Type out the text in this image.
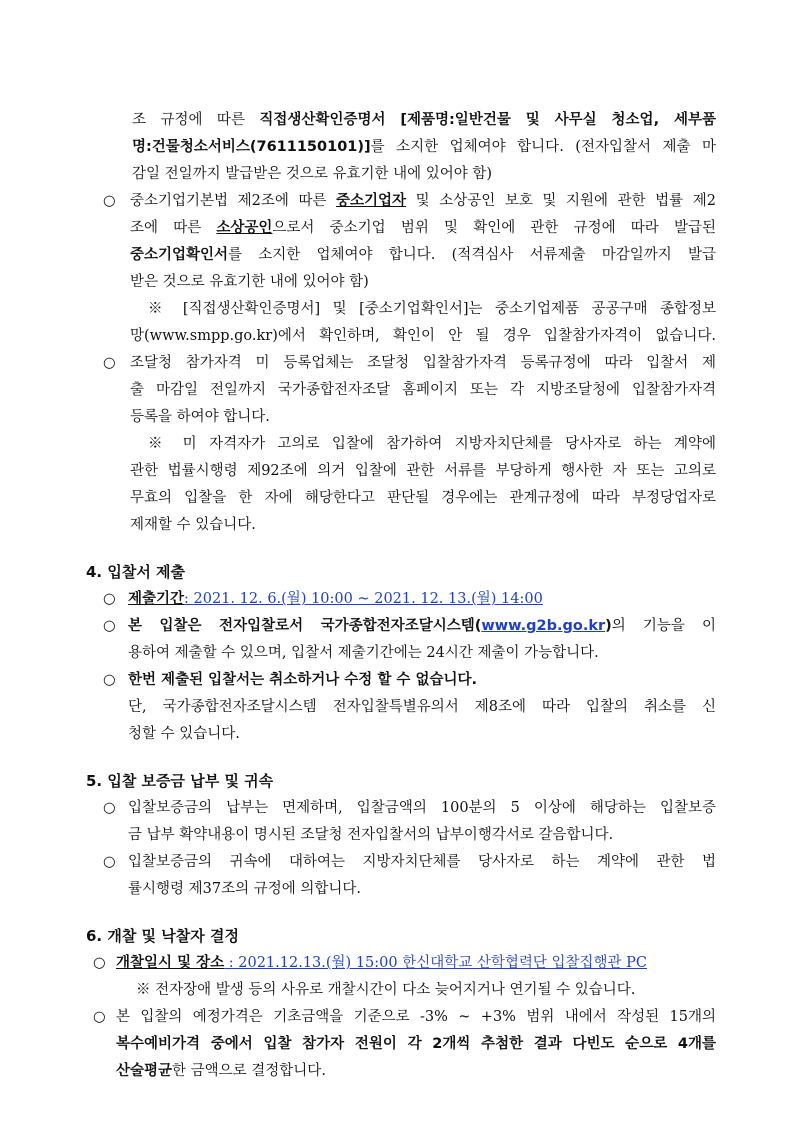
조 규정에 따른 직접생산확인증명서 [제품명:일반건물 및 사무실 청소업, 세부품
명:건물청소서비스(7611150101)]를 소지한 업체여야 합니다. (전자입찰서 제출 마
감일 전일까지 발급받은 것으로 유효기한 내에 있어야 함)
○ 중소기업기본법 제2조에 따른 중소기업자 및 소상공인 보호 및 지원에 관한 법률 제2
조에 따른 소상공인으로서 중소기업 범위 및 확인에 관한 규정에 따라 발급된
중소기업확인서를 소지한 업체여야 합니다. (적격심사 서류제출 마감일까지 발급
받은 것으로 유효기한 내에 있어야 함)
※ [직접생산확인증명서] 및 [중소기업확인서]는 중소기업제품 공공구매 종합정보
망(www.smpp.go.kr)에서 확인하며, 확인이 안 될 경우 입찰참가자격이 없습니다.
○ 조달청 참가자격 미 등록업체는 조달청 입찰참가자격 등록규정에 따라 입찰서 제
출 마감일 전일까지 국가종합전자조달 홈페이지 또는 각 지방조달청에 입찰참가자격
등록을 하여야 합니다.
※ 미 자격자가 고의로 입찰에 참가하여 지방자치단체를 당사자로 하는 계약에
관한 법률시행령 제92조에 의거 입찰에 관한 서류를 부당하게 행사한 자 또는 고의로
무효의 입찰을 한 자에 해당한다고 판단될 경우에는 관계규정에 따라 부정당업자로
제재할 수 있습니다.
4. 입찰서 제출
○ 제출기간: 2021. 12. 6.(월) 10:00 ~ 2021. 12. 13.(월) 14:00
○ 본 입찰은 전자입찰로서 국가종합전자조달시스템(www.g2b.go.kr)의 기능을 이
용하여 제출할 수 있으며, 입찰서 제출기간에는 24시간 제출이 가능합니다.
○ 한번 제출된 입찰서는 취소하거나 수정 할 수 없습니다.
단, 국가종합전자조달시스템 전자입찰특별유의서 제8조에 따라 입찰의 취소를 신
청할 수 있습니다.
5. 입찰 보증금 납부 및 귀속
○ 입찰보증금의 납부는 면제하며, 입찰금액의 100분의 5 이상에 해당하는 입찰보증
금 납부 확약내용이 명시된 조달청 전자입찰서의 납부이행각서로 갈음합니다.
○ 입찰보증금의 귀속에 대하여는 지방자치단체를 당사자로 하는 계약에 관한 법
률시행령 제37조의 규정에 의합니다.
6. 개찰 및 낙찰자 결정
○ 개찰일시 및 장소 : 2021.12.13.(월) 15:00 한신대학교 산학협력단 입찰집행관 PC
※ 전자장애 발생 등의 사유로 개찰시간이 다소 늦어지거나 연기될 수 있습니다.
○ 본 입찰의 예정가격은 기초금액을 기준으로 -3% ~ +3% 범위 내에서 작성된 15개의
복수예비가격 중에서 입찰 참가자 전원이 각 2개씩 추첨한 결과 다빈도 순으로 4개를
산술평균한 금액으로 결정합니다.
